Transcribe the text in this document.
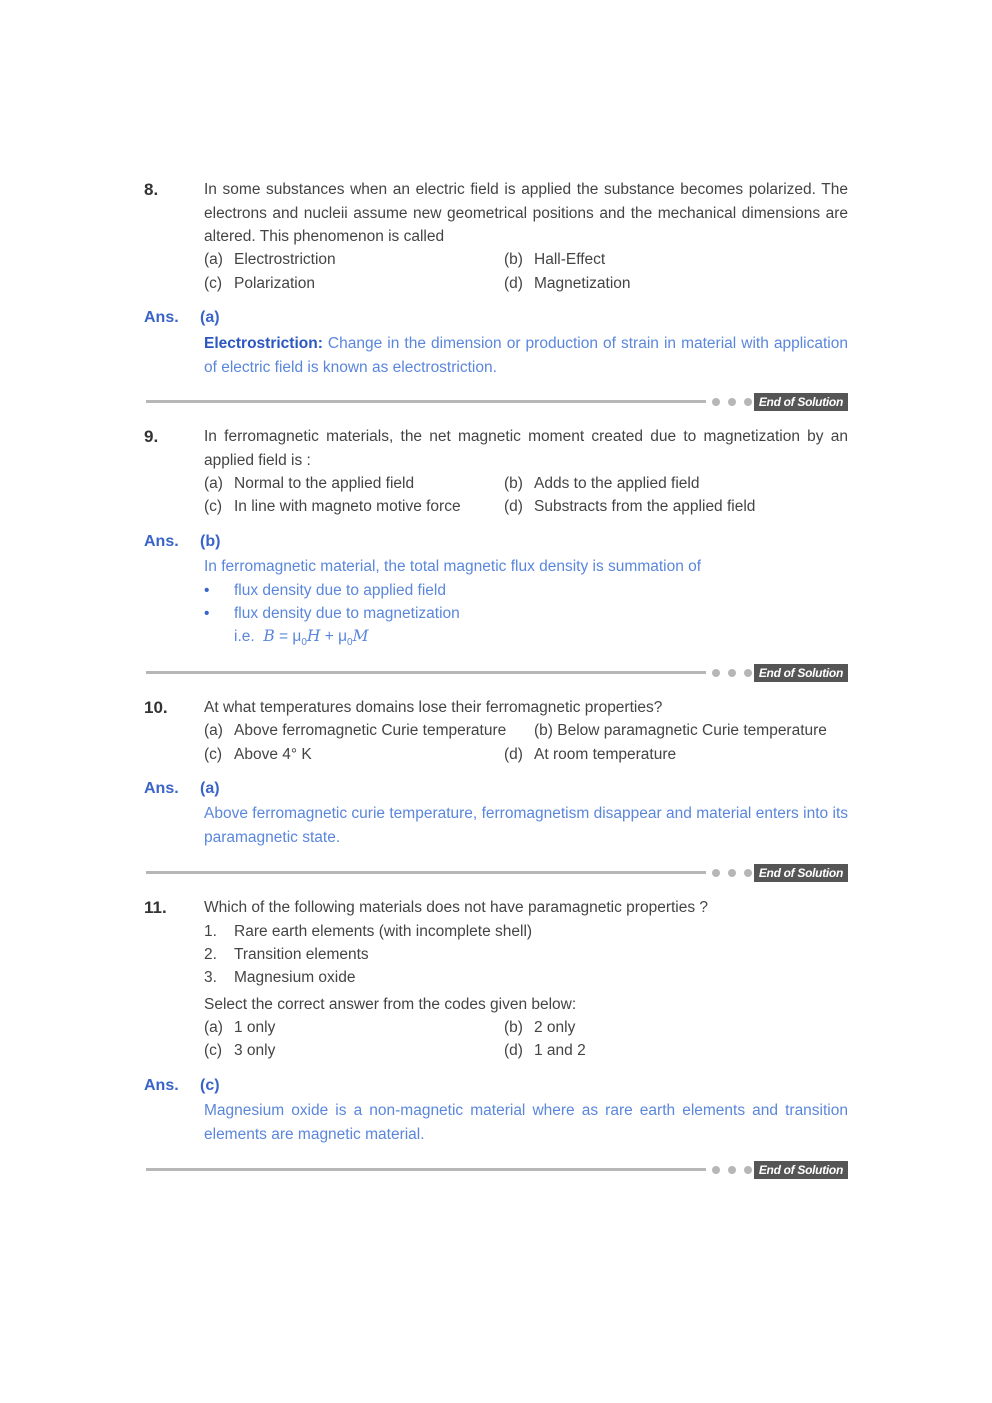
8.	In some substances when an electric field is applied the substance becomes polarized. The electrons and nucleii assume new geometrical positions and the mechanical dimensions are altered. This phenomenon is called
(a) Electrostriction	(b) Hall-Effect
(c) Polarization	(d) Magnetization
Ans. (a)
Electrostriction: Change in the dimension or production of strain in material with application of electric field is known as electrostriction.
End of Solution
9.	In ferromagnetic materials, the net magnetic moment created due to magnetization by an applied field is :
(a) Normal to the applied field	(b) Adds to the applied field
(c) In line with magneto motive force	(d) Substracts from the applied field
Ans. (b)
In ferromagnetic material, the total magnetic flux density is summation of
• flux density due to applied field
• flux density due to magnetization
i.e. $B = \mu_0H + \mu_0M$
End of Solution
10. At what temperatures domains lose their ferromagnetic properties?
(a) Above ferromagnetic Curie temperature (b) Below paramagnetic Curie temperature
(c) Above 4° K	(d) At room temperature
Ans. (a)
Above ferromagnetic curie temperature, ferromagnetism disappear and material enters into its paramagnetic state.
End of Solution
11. Which of the following materials does not have paramagnetic properties ?
1. Rare earth elements (with incomplete shell)
2. Transition elements
3. Magnesium oxide
Select the correct answer from the codes given below:
(a) 1 only	(b) 2 only
(c) 3 only	(d) 1 and 2
Ans. (c)
Magnesium oxide is a non-magnetic material where as rare earth elements and transition elements are magnetic material.
End of Solution
